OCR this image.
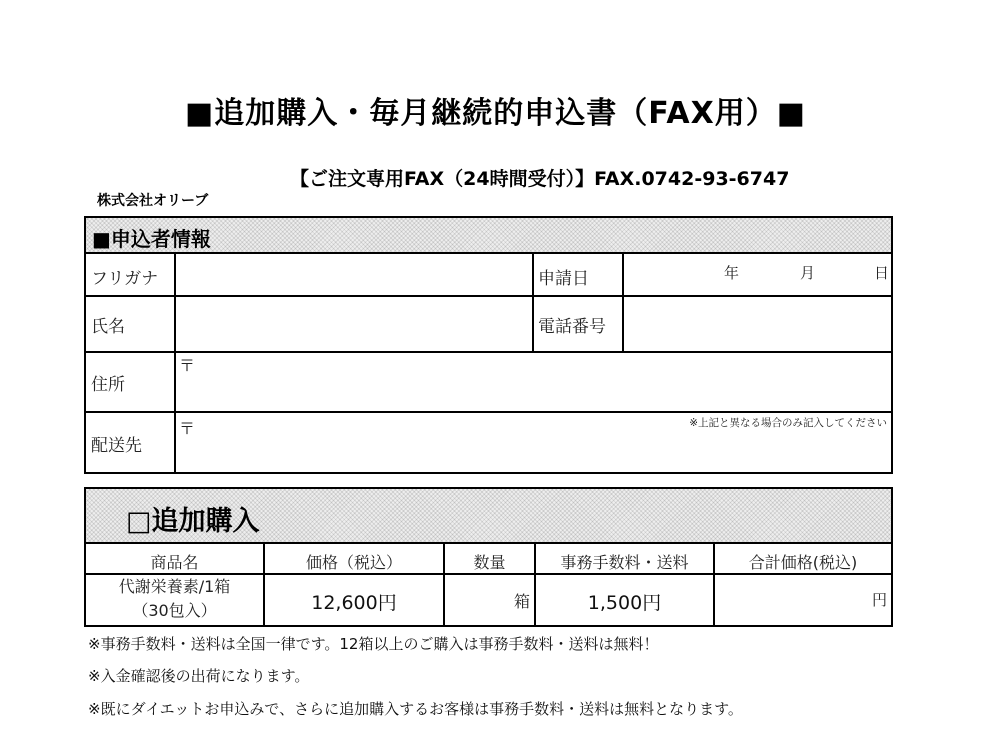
■追加購入・毎月継続的申込書（FAX用）■
【ご注文専用FAX（24時間受付）】FAX.0742-93-6747
株式会社オリーブ
■申込者情報
フリガナ	申請日	年	月	日
氏名	電話番号
住所
〒
配送先
〒	※上記と異なる場合のみ記入してください
□追加購入
商品名	価格（税込）	数量	事務手数料・送料	合計価格(税込)
代謝栄養素/1箱
（30包入）	12,600円	箱	1,500円	円
※事務手数料・送料は全国一律です。12箱以上のご購入は事務手数料・送料は無料！
※入金確認後の出荷になります。
※既にダイエットお申込みで、さらに追加購入するお客様は事務手数料・送料は無料となります。
